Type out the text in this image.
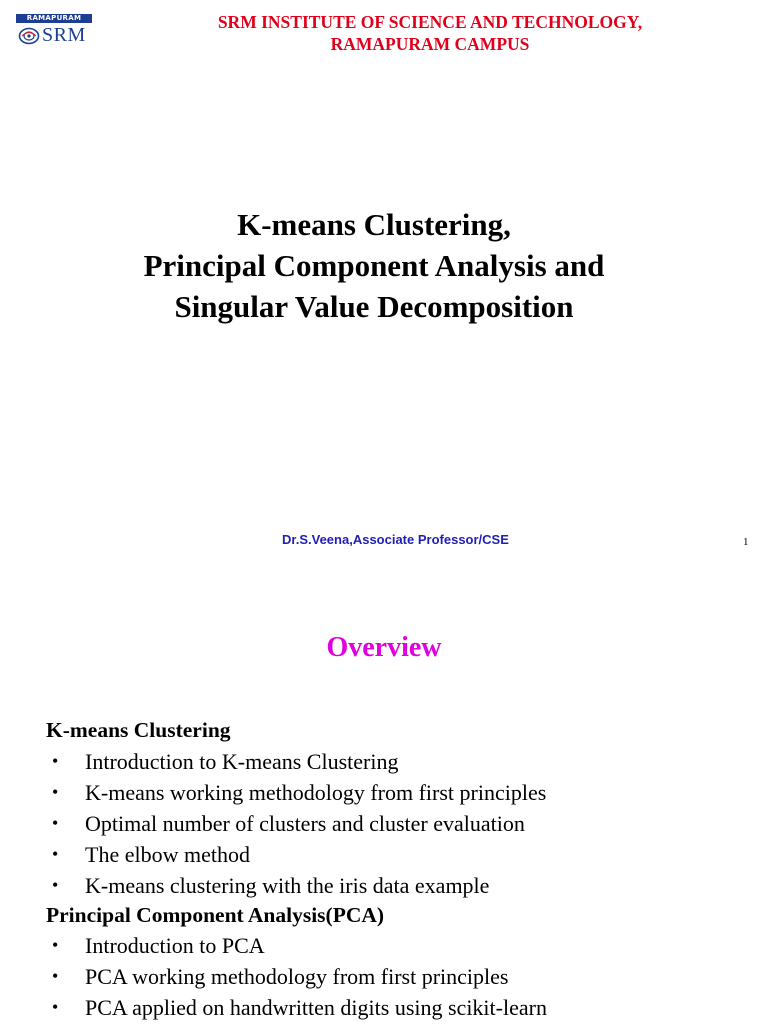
RAMAPURAM
SRM
SRM INSTITUTE OF SCIENCE AND TECHNOLOGY,
RAMAPURAM CAMPUS
K-means Clustering,
Principal Component Analysis and
Singular Value Decomposition
Dr.S.Veena,Associate Professor/CSE	1
Overview
K-means Clustering
• Introduction to K-means Clustering
• K-means working methodology from first principles
• Optimal number of clusters and cluster evaluation
• The elbow method
• K-means clustering with the iris data example
Principal Component Analysis(PCA)
• Introduction to PCA
• PCA working methodology from first principles
• PCA applied on handwritten digits using scikit-learn
